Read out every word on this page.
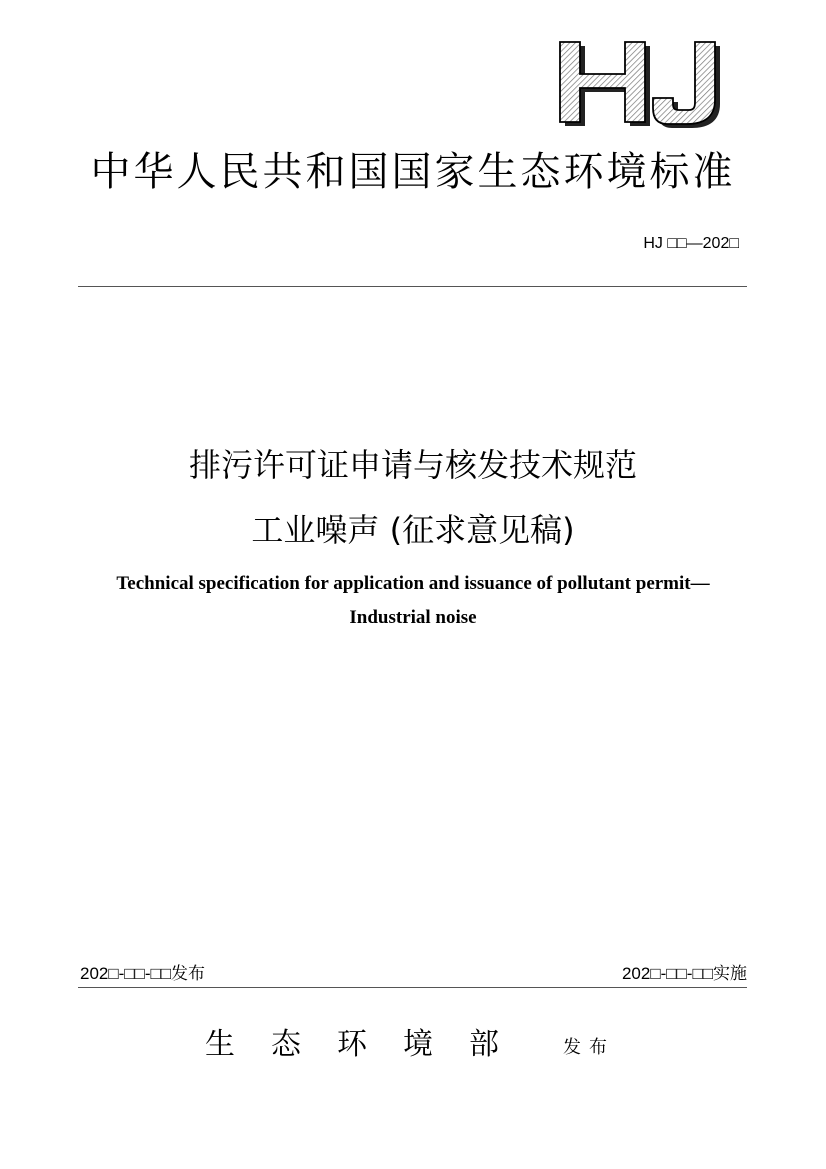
中华人民共和国国家生态环境标准
HJ □□—202□
排污许可证申请与核发技术规范
工业噪声 (征求意见稿)
Technical specification for application and issuance of pollutant permit—
Industrial noise
202□-□□-□□发布	202□-□□-□□实施
生态环境部 发布
